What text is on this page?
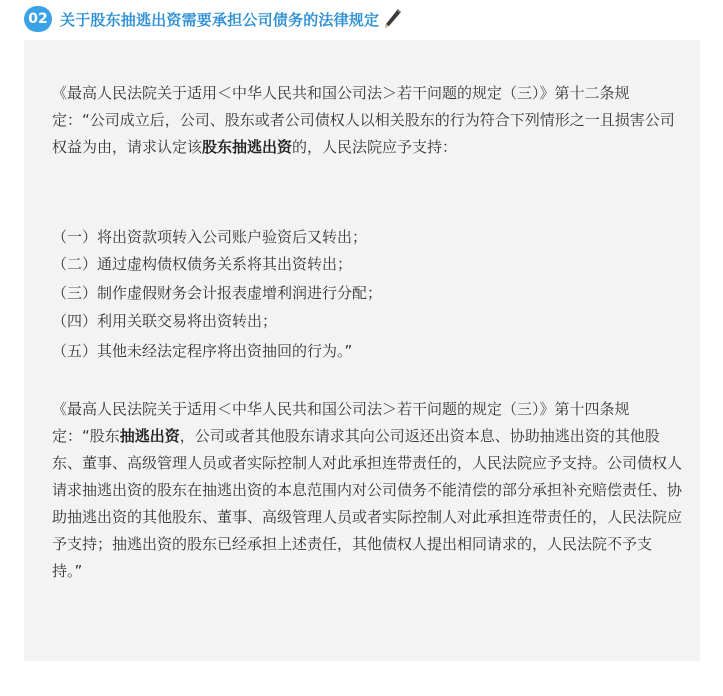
02 关于股东抽逃出资需要承担公司债务的法律规定

《最高人民法院关于适用＜中华人民共和国公司法＞若干问题的规定（三）》第十二条规定：“公司成立后，公司、股东或者公司债权人以相关股东的行为符合下列情形之一且损害公司权益为由，请求认定该股东抽逃出资的，人民法院应予支持：

（一）将出资款项转入公司账户验资后又转出；
（二）通过虚构债权债务关系将其出资转出；
（三）制作虚假财务会计报表虚增利润进行分配；
（四）利用关联交易将出资转出；
（五）其他未经法定程序将出资抽回的行为。”

《最高人民法院关于适用＜中华人民共和国公司法＞若干问题的规定（三）》第十四条规定：“股东抽逃出资，公司或者其他股东请求其向公司返还出资本息、协助抽逃出资的其他股东、董事、高级管理人员或者实际控制人对此承担连带责任的，人民法院应予支持。公司债权人请求抽逃出资的股东在抽逃出资的本息范围内对公司债务不能清偿的部分承担补充赔偿责任、协助抽逃出资的其他股东、董事、高级管理人员或者实际控制人对此承担连带责任的，人民法院应予支持；抽逃出资的股东已经承担上述责任，其他债权人提出相同请求的，人民法院不予支持。”
